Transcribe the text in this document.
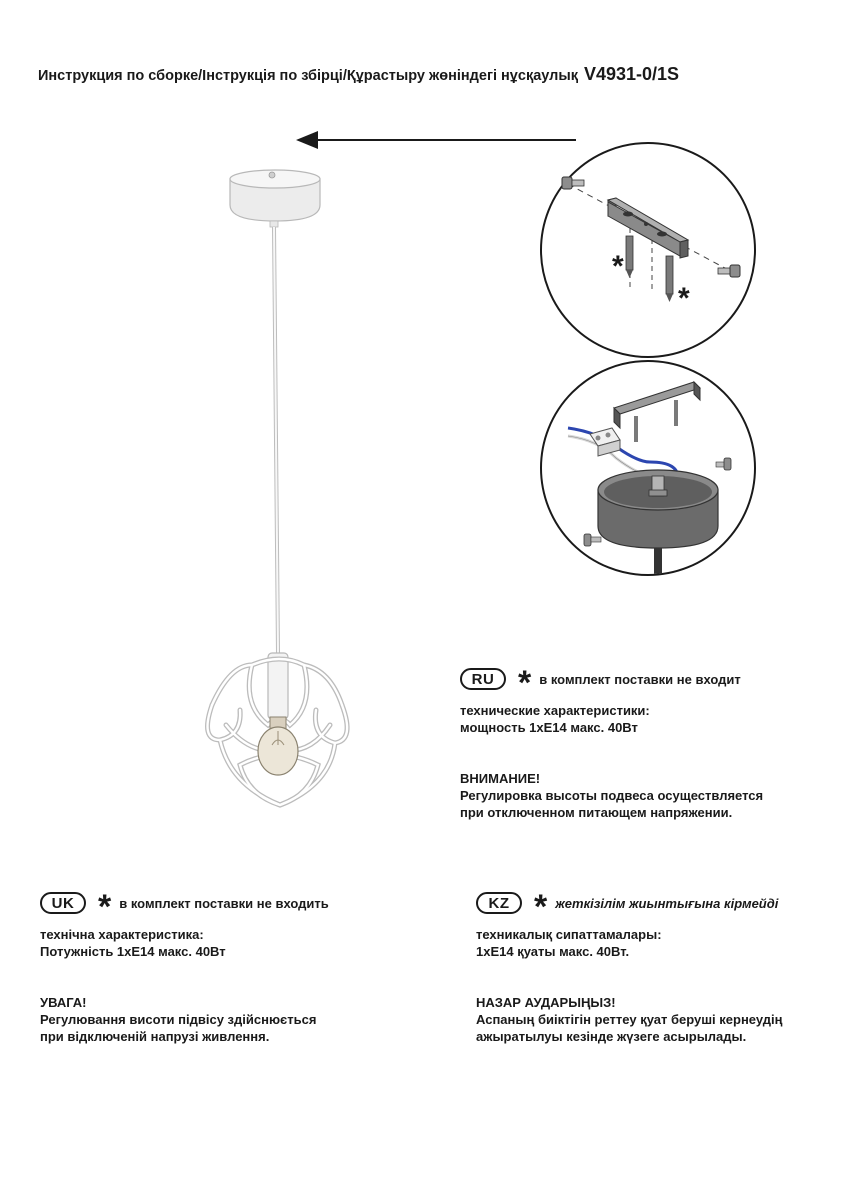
Инструкция по сборке/Інструкція по збірці/Құрастыру жөніндегі нұсқаулық V4931-0/1S
*
*
RU * в комплект поставки не входит

технические характеристики:

мощность 1хЕ14 макс. 40Вт

ВНИМАНИЕ!

Регулировка высоты подвеса осуществляется

при отключенном питающем напряжении.

UK * в комплект поставки не входить

технічна характеристика:

Потужність 1хЕ14 макс. 40Вт

УВАГА!

Регулювання висоти підвісу здійснюється

при відключеній напрузі живлення.

KZ * жеткізілім жиынтығына кірмейді

техникалық сипаттамалары:

1хЕ14 қуаты макс. 40Вт.

НАЗАР АУДАРЫҢЫЗ!

Аспаның биіктігін реттеу қуат беруші кернеудің

ажыратылуы кезінде жүзеге асырылады.
